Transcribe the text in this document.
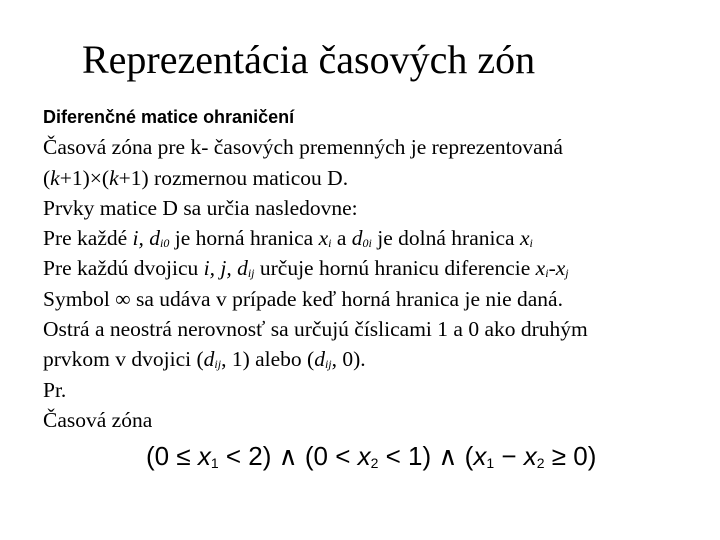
Reprezentácia časových zón
Diferenčné matice ohraničení
Časová zóna pre k- časových premenných je reprezentovaná
(k+1)×(k+1) rozmernou maticou D.
Prvky matice D sa určia nasledovne:
Pre každé i, di0 je horná hranica xi a d0i je dolná hranica xi
Pre každú dvojicu i, j, dij určuje hornú hranicu diferencie xi-xj
Symbol ∞ sa udáva v prípade keď horná hranica je nie daná.
Ostrá a neostrá nerovnosť sa určujú číslicami 1 a 0 ako druhým
prvkom v dvojici (dij, 1) alebo (dij, 0).
Pr.
Časová zóna
(0 ≤ x1 < 2) ∧ (0 < x2 < 1) ∧ (x1 − x2 ≥ 0)
